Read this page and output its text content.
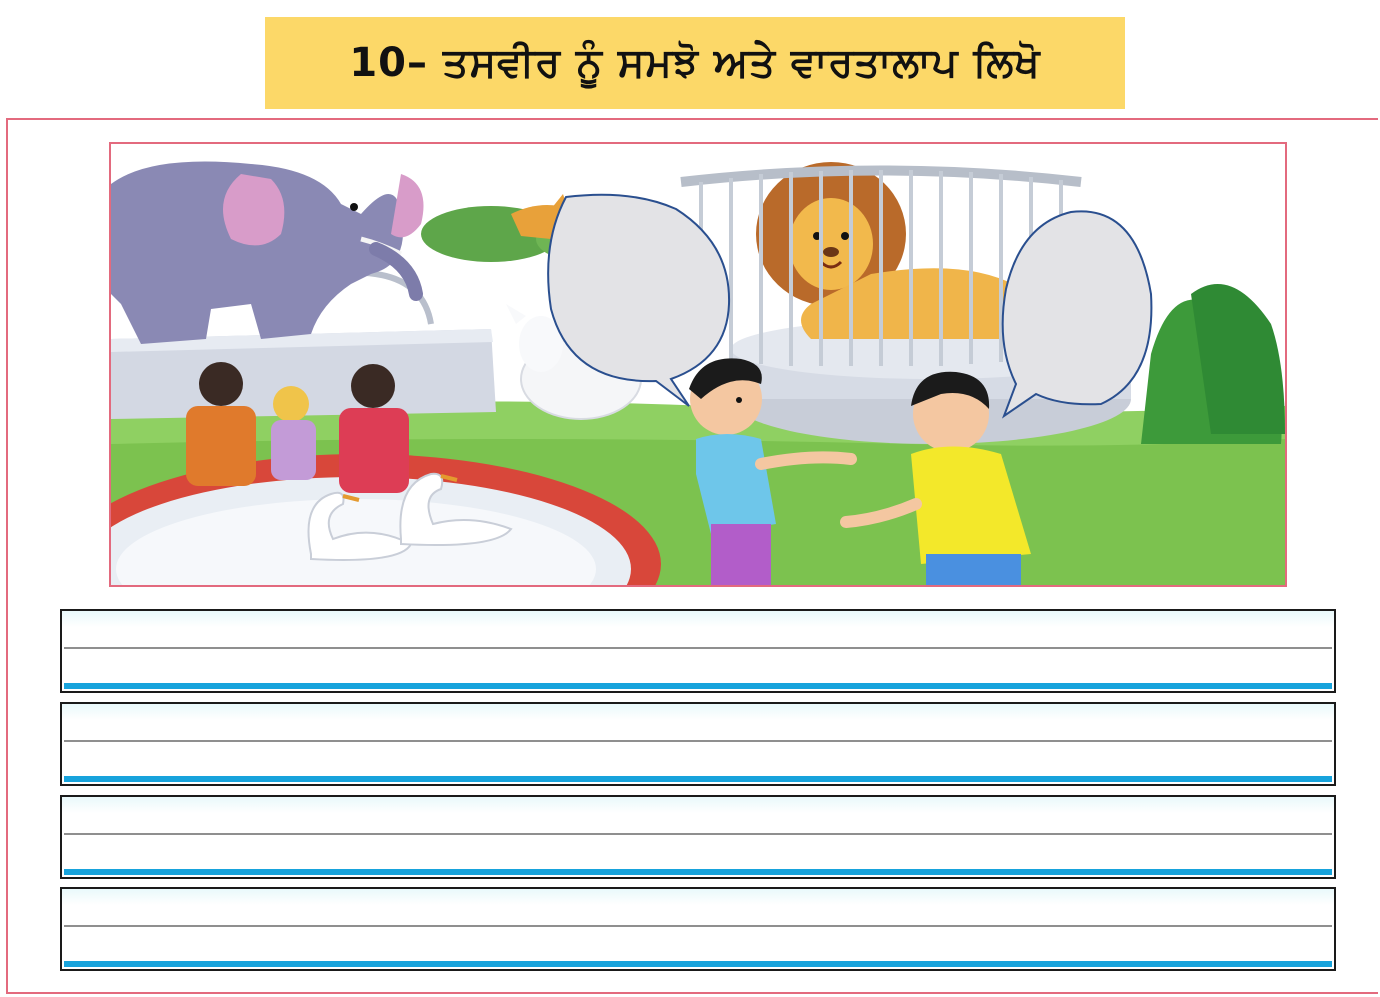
10– ਤਸਵੀਰ ਨੂੰ ਸਮਝੋ ਅਤੇ ਵਾਰਤਾਲਾਪ ਲਿਖੋ
